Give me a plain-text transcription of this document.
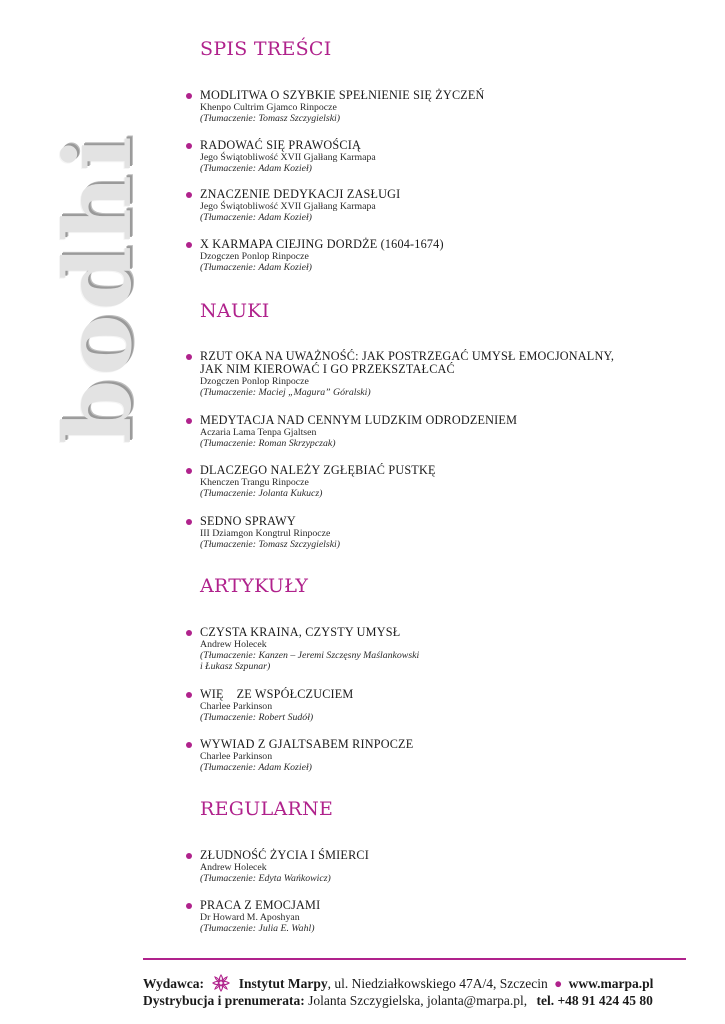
bodhi
SPIS TREŚCI
MODLITWA O SZYBKIE SPEŁNIENIE SIĘ ŻYCZEŃ
Khenpo Cultrim Gjamco Rinpocze
(Tłumaczenie: Tomasz Szczygielski)
RADOWAĆ SIĘ PRAWOŚCIĄ
Jego Świątobliwość XVII Gjalłang Karmapa
(Tłumaczenie: Adam Kozieł)
ZNACZENIE DEDYKACJI ZASŁUGI
Jego Świątobliwość XVII Gjalłang Karmapa
(Tłumaczenie: Adam Kozieł)
X KARMAPA CIEJING DORDŻE (1604-1674)
Dzogczen Ponlop Rinpocze
(Tłumaczenie: Adam Kozieł)
NAUKI
RZUT OKA NA UWAŻNOŚĆ: JAK POSTRZEGAĆ UMYSŁ EMOCJONALNY,
JAK NIM KIEROWAĆ I GO PRZEKSZTAŁCAĆ
Dzogczen Ponlop Rinpocze
(Tłumaczenie: Maciej „Magura” Góralski)
MEDYTACJA NAD CENNYM LUDZKIM ODRODZENIEM
Aczaria Lama Tenpa Gjaltsen
(Tłumaczenie: Roman Skrzypczak)
DLACZEGO NALEŻY ZGŁĘBIAĆ PUSTKĘ
Khenczen Trangu Rinpocze
(Tłumaczenie: Jolanta Kukucz)
SEDNO SPRAWY
III Dziamgon Kongtrul Rinpocze
(Tłumaczenie: Tomasz Szczygielski)
ARTYKUŁY
CZYSTA KRAINA, CZYSTY UMYSŁ
Andrew Holecek
(Tłumaczenie: Kanzen – Jeremi Szczęsny Maślankowski
i Łukasz Szpunar)
WIĘ    ZE WSPÓŁCZUCIEM
Charlee Parkinson
(Tłumaczenie: Robert Sudół)
WYWIAD Z GJALTSABEM RINPOCZE
Charlee Parkinson
(Tłumaczenie: Adam Kozieł)
REGULARNE
ZŁUDNOŚĆ ŻYCIA I ŚMIERCI
Andrew Holecek
(Tłumaczenie: Edyta Wańkowicz)
PRACA Z EMOCJAMI
Dr Howard M. Aposhyan
(Tłumaczenie: Julia E. Wahl)
Wydawca:	Instytut Marpy, ul. Niedziałkowskiego 47A/4, Szczecin ● www.marpa.pl
Dystrybucja i prenumerata: Jolanta Szczygielska, jolanta@marpa.pl, tel. +48 91 424 45 80
